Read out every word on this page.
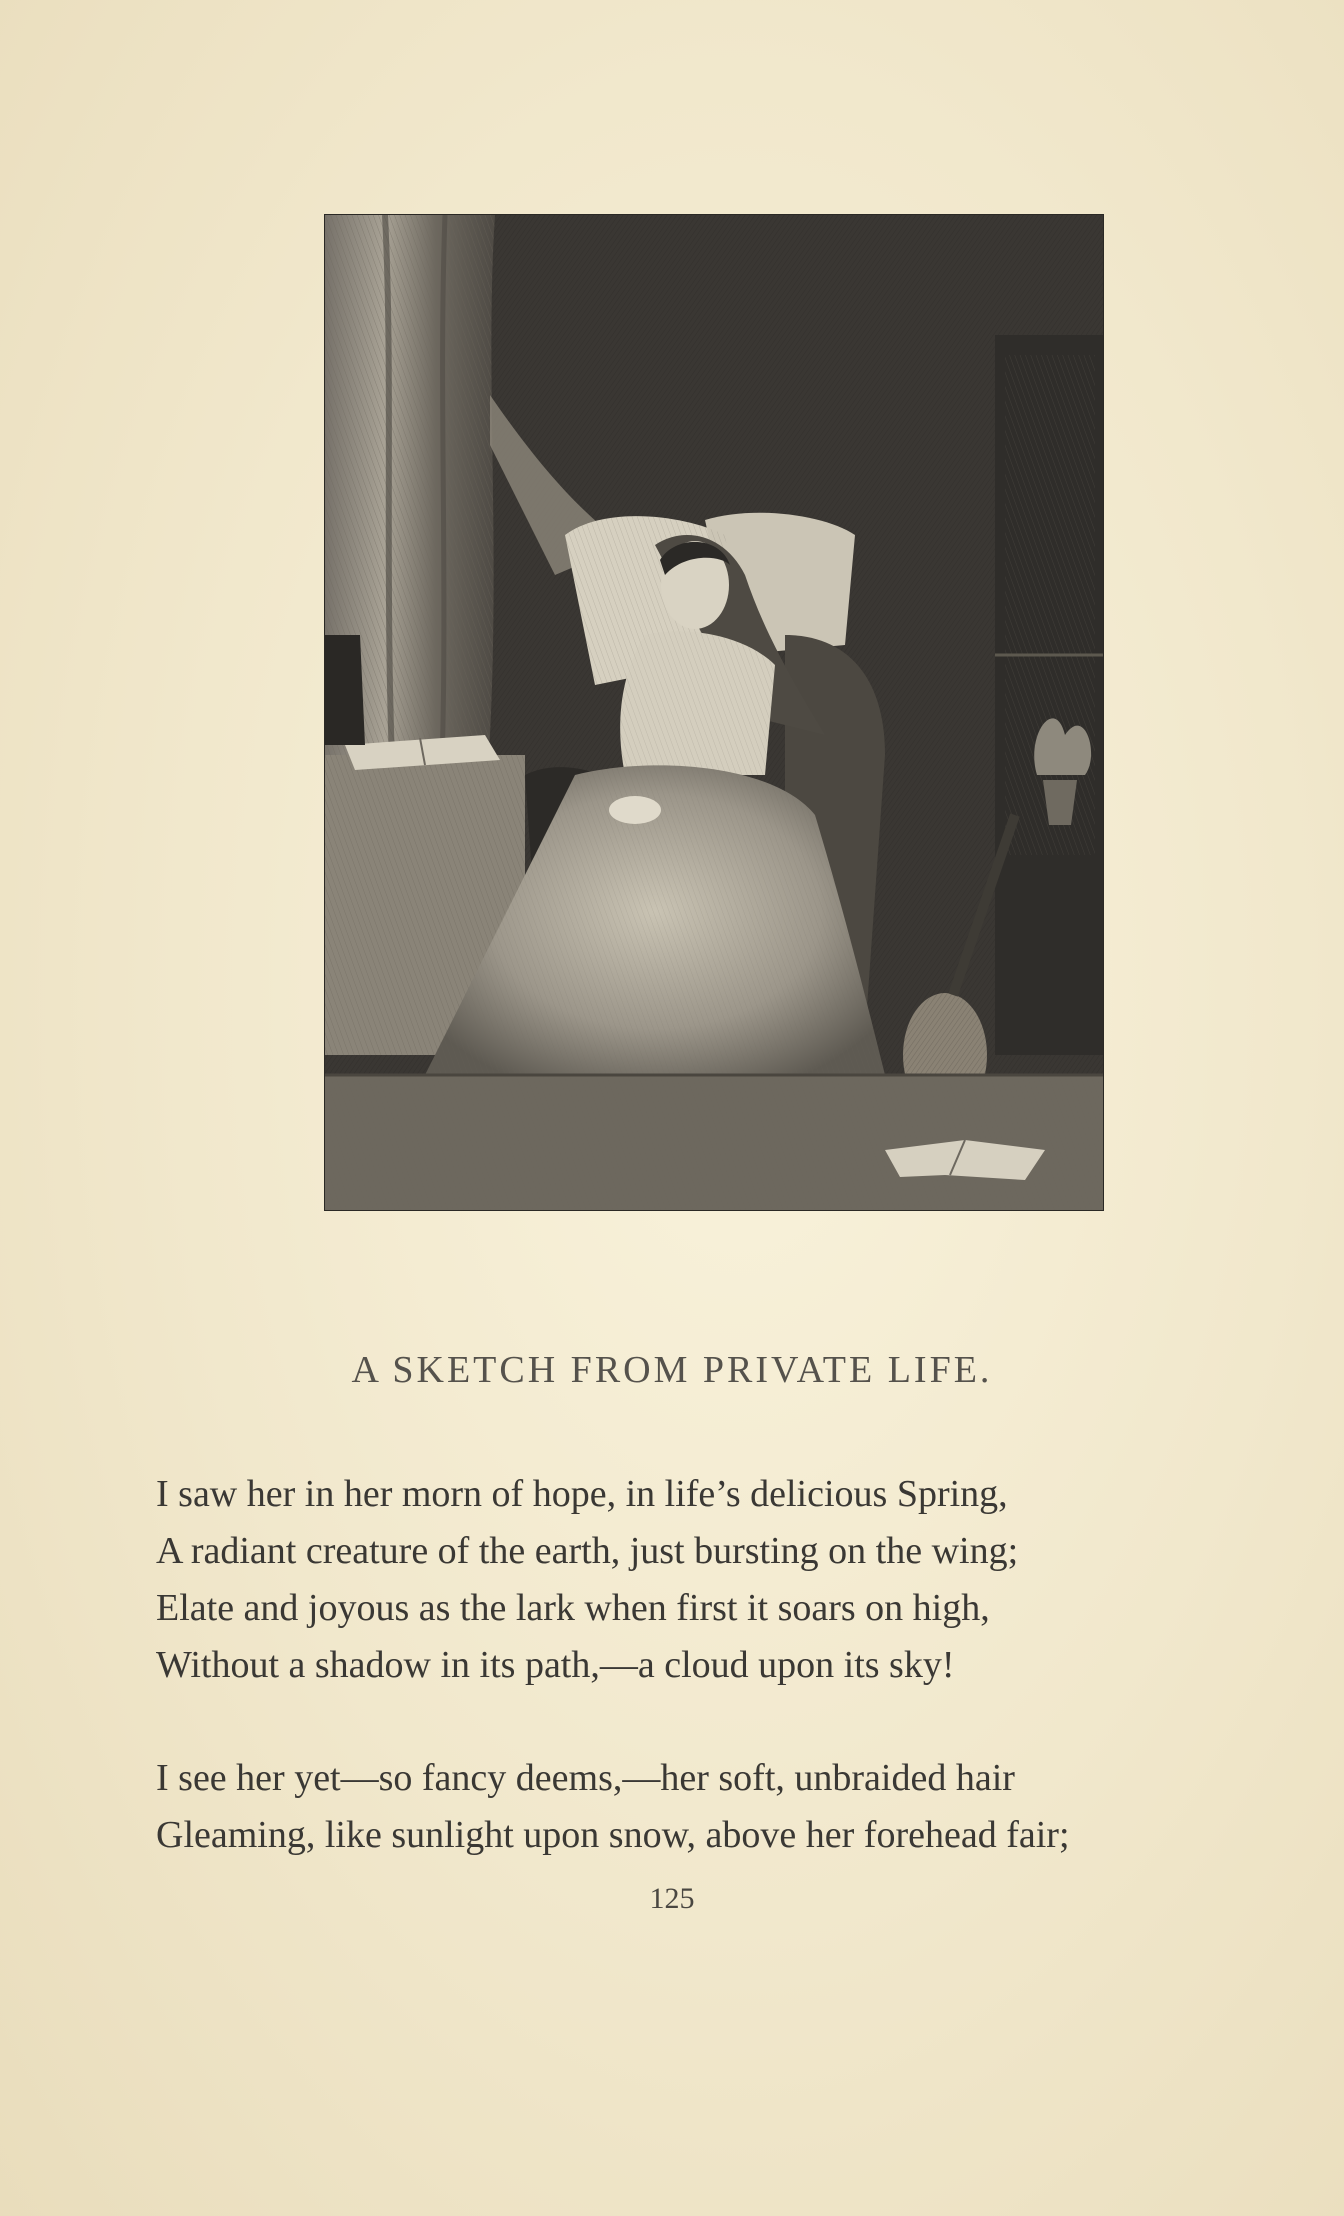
A SKETCH FROM PRIVATE LIFE.
I saw her in her morn of hope, in life’s delicious Spring,
A radiant creature of the earth, just bursting on the wing;
Elate and joyous as the lark when first it soars on high,
Without a shadow in its path,—a cloud upon its sky!
I see her yet—so fancy deems,—her soft, unbraided hair
Gleaming, like sunlight upon snow, above her forehead fair;
125
